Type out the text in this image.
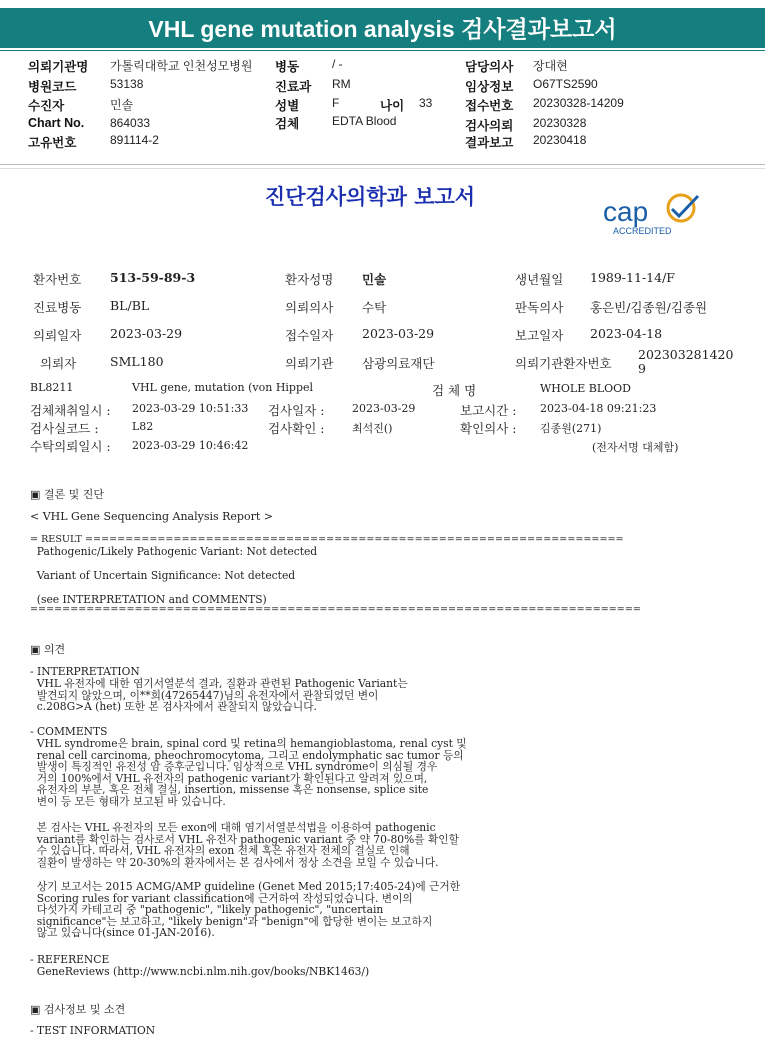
VHL gene mutation analysis 검사결과보고서
의뢰기관명 가톨릭대학교 인천성모병원
병원코드	53138
수진자	민솔
Chart No. 864033
고유번호	891114-2
병동	/ -
진료과 RM
성별	F	나이 33
검체	EDTA Blood
담당의사 장대현
임상정보 O67TS2590
접수번호 20230328-14209
검사의뢰 20230328
결과보고 20230418
진단검사의학과 보고서	cap
ACCREDITED
환자번호 513-59-89-3	환자성명 민솔	생년월일 1989-11-14/F
진료병동 BL/BL	의뢰의사 수탁	판독의사 홍은빈/김종원/김종원
의뢰일자 2023-03-29	접수일자 2023-03-29	보고일자 2023-04-18
의뢰자	SML180	의뢰기관 삼광의료재단	의뢰기관환자번호
202303281420
9
BL8211	VHL gene, mutation (von Hippel	검 체 명	WHOLE BLOOD
검체채취일시 : 2023-03-29 10:51:33 검사일자 :	2023-03-29	보고시간 : 2023-04-18 09:21:23
검사실코드 :	L82	검사확인 :	최석진()	확인의사 : 김종원(271)
수탁의뢰일시 : 2023-03-29 10:46:42	(전자서명 대체함)
▣ 결론 및 진단
< VHL Gene Sequencing Analysis Report >
= RESULT ===================================================================
Pathogenic/Likely Pathogenic Variant: Not detected
Variant of Uncertain Significance: Not detected
(see INTERPRETATION and COMMENTS)
============================================================================
▣ 의견
- INTERPRETATION
VHL 유전자에 대한 염기서열분석 결과, 질환과 관련된 Pathogenic Variant는
발견되지 않았으며, 이**희(47265447)님의 유전자에서 관찰되었던 변이
c.208G>A (het) 또한 본 검사자에서 관찰되지 않았습니다.
- COMMENTS
VHL syndrome은 brain, spinal cord 및 retina의 hemangioblastoma, renal cyst 및
renal cell carcinoma, pheochromocytoma, 그리고 endolymphatic sac tumor 등의
발생이 특징적인 유전성 암 증후군입니다. 임상적으로 VHL syndrome이 의심될 경우
거의 100%에서 VHL 유전자의 pathogenic variant가 확인된다고 알려져 있으며,
유전자의 부분, 혹은 전체 결실, insertion, missense 혹은 nonsense, splice site
변이 등 모든 형태가 보고된 바 있습니다.
본 검사는 VHL 유전자의 모든 exon에 대해 염기서열분석법을 이용하여 pathogenic
variant를 확인하는 검사로서 VHL 유전자 pathogenic variant 중 약 70-80%를 확인할
수 있습니다. 따라서, VHL 유전자의 exon 전체 혹은 유전자 전체의 결실로 인해
질환이 발생하는 약 20-30%의 환자에서는 본 검사에서 정상 소견을 보일 수 있습니다.
상기 보고서는 2015 ACMG/AMP guideline (Genet Med 2015;17:405-24)에 근거한
Scoring rules for variant classification에 근거하여 작성되었습니다. 변이의
다섯가지 카테고리 중 "pathogenic", "likely pathogenic", "uncertain
significance"는 보고하고, "likely benign"과 "benign"에 합당한 변이는 보고하지
않고 있습니다(since 01-JAN-2016).
- REFERENCE
GeneReviews (http://www.ncbi.nlm.nih.gov/books/NBK1463/)
▣ 검사정보 및 소견
- TEST INFORMATION
